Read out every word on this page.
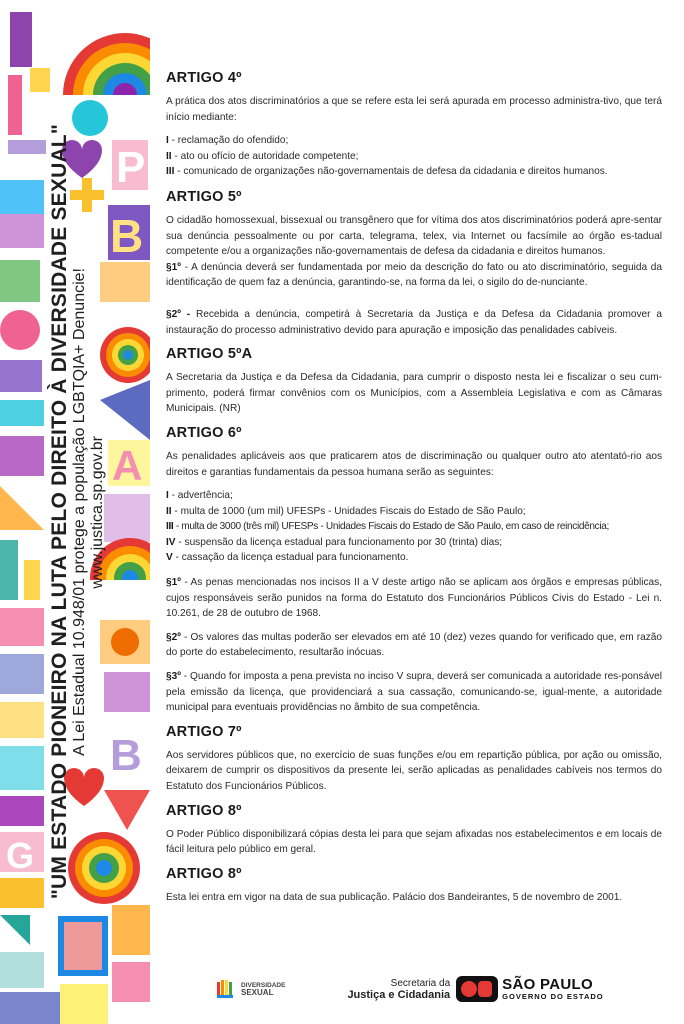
P
B
A
B
G "UM ESTADO PIONEIRO NA LUTA PELO DIREITO À DIVERSIDADE SEXUAL" A Lei Estadual 10.948/01 protege a população LGBTQIA+ Denuncie! www.justica.sp.gov.br
ARTIGO 4º

A prática dos atos discriminatórios a que se refere esta lei será apurada em processo administra-tivo, que terá início mediante:

I - reclamação do ofendido;
II - ato ou ofício de autoridade competente;
III - comunicado de organizações não-governamentais de defesa da cidadania e direitos humanos.
ARTIGO 5º

O cidadão homossexual, bissexual ou transgênero que for vítima dos atos discriminatórios poderá apre-sentar sua denúncia pessoalmente ou por carta, telegrama, telex, via Internet ou facsímile ao órgão es-tadual competente e/ou a organizações não-governamentais de defesa da cidadania e direitos humanos.

§1º - A denúncia deverá ser fundamentada por meio da descrição do fato ou ato discriminatório, seguida da identificação de quem faz a denúncia, garantindo-se, na forma da lei, o sigilo do de-nunciante.

§2º - Recebida a denúncia, competirá à Secretaria da Justiça e da Defesa da Cidadania promover a instauração do processo administrativo devido para apuração e imposição das penalidades cabíveis.

ARTIGO 5ºA

A Secretaria da Justiça e da Defesa da Cidadania, para cumprir o disposto nesta lei e fiscalizar o seu cum-primento, poderá firmar convênios com os Municípios, com a Assembleia Legislativa e com as Câmaras Municipais. (NR)

ARTIGO 6º

As penalidades aplicáveis aos que praticarem atos de discriminação ou qualquer outro ato atentató-rio aos direitos e garantias fundamentais da pessoa humana serão as seguintes:

I - advertência;
II - multa de 1000 (um mil) UFESPs - Unidades Fiscais do Estado de São Paulo;
III - multa de 3000 (três mil) UFESPs - Unidades Fiscais do Estado de São Paulo, em caso de reincidência;
IV - suspensão da licença estadual para funcionamento por 30 (trinta) dias;
V - cassação da licença estadual para funcionamento.

§1º - As penas mencionadas nos incisos II a V deste artigo não se aplicam aos órgãos e empresas públicas, cujos responsáveis serão punidos na forma do Estatuto dos Funcionários Públicos Civis do Estado - Lei n. 10.261, de 28 de outubro de 1968.

§2º - Os valores das multas poderão ser elevados em até 10 (dez) vezes quando for verificado que, em razão do porte do estabelecimento, resultarão inócuas.

§3º - Quando for imposta a pena prevista no inciso V supra, deverá ser comunicada a autoridade res-ponsável pela emissão da licença, que providenciará a sua cassação, comunicando-se, igual-mente, a autoridade municipal para eventuais providências no âmbito de sua competência.

ARTIGO 7º

Aos servidores públicos que, no exercício de suas funções e/ou em repartição pública, por ação ou omissão, deixarem de cumprir os dispositivos da presente lei, serão aplicadas as penalidades cabíveis nos termos do Estatuto dos Funcionários Públicos.

ARTIGO 8º

O Poder Público disponibilizará cópias desta lei para que sejam afixadas nos estabelecimentos e em locais de fácil leitura pelo público em geral.

ARTIGO 8º

Esta lei entra em vigor na data de sua publicação. Palácio dos Bandeirantes, 5 de novembro de 2001.

DIVERSIDADE
SEXUAL
Secretaria da
Justiça e Cidadania
SÃO PAULO
GOVERNO DO ESTADO
